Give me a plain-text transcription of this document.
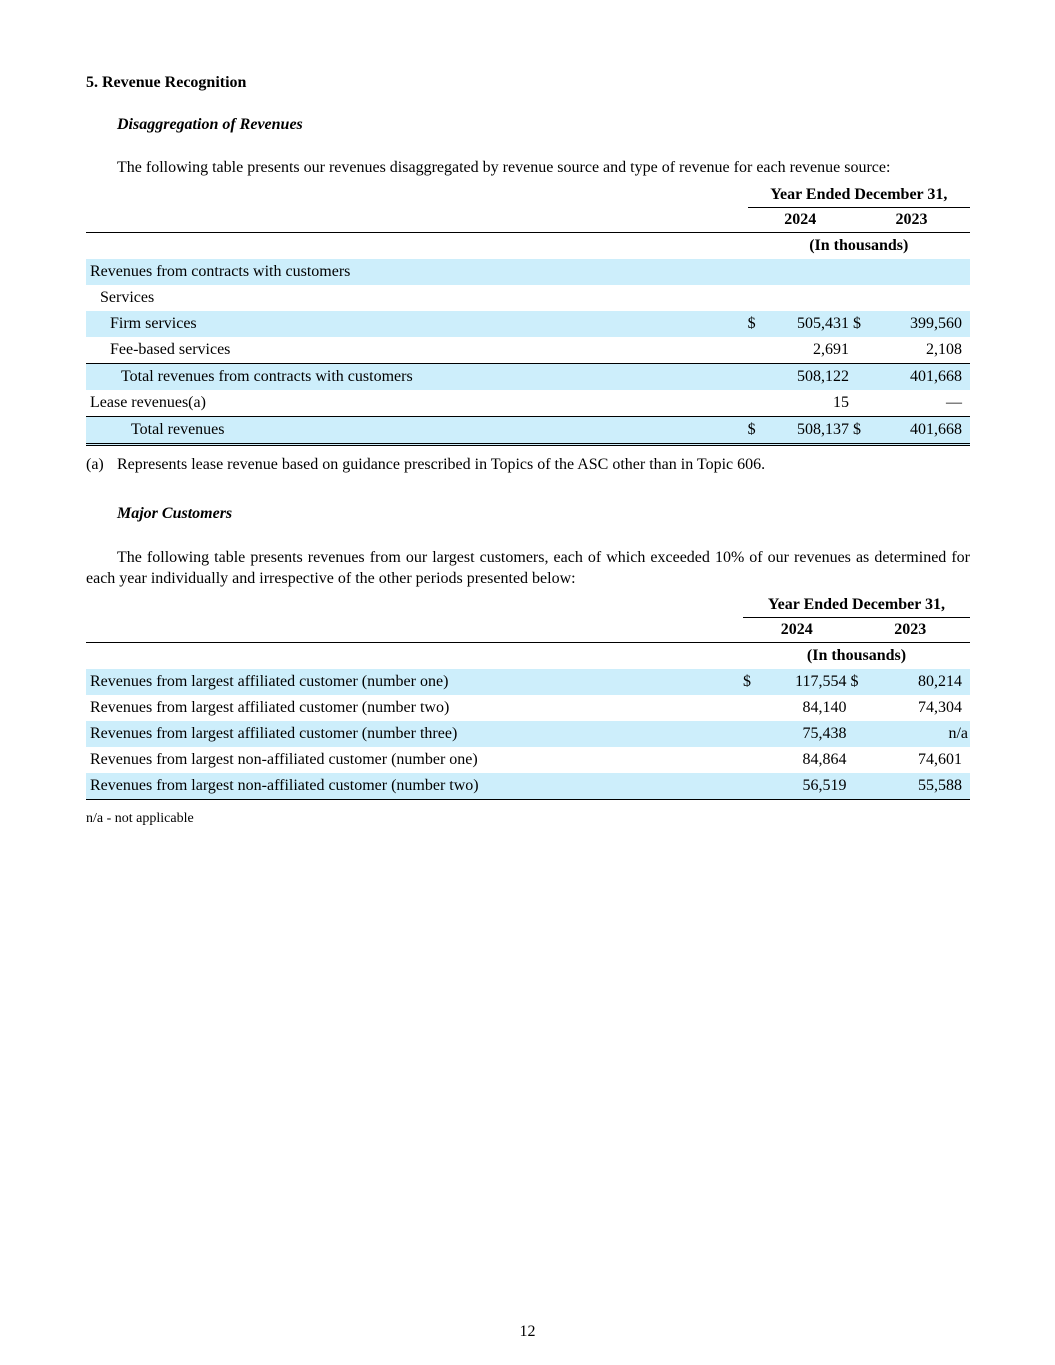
5. Revenue Recognition
Disaggregation of Revenues
The following table presents our revenues disaggregated by revenue source and type of revenue for each revenue source:
	Year Ended December 31,			
	2024		2023	
	(In thousands)			
Revenues from contracts with customers				
Services				
Firm services	$	505,431	$	399,560
Fee-based services		2,691		2,108
Total revenues from contracts with customers		508,122		401,668
Lease revenues(a)		15		—
Total revenues	$	508,137	$	401,668
(a) Represents lease revenue based on guidance prescribed in Topics of the ASC other than in Topic 606.
Major Customers
The following table presents revenues from our largest customers, each of which exceeded 10% of our revenues as determined for each year individually and irrespective of the other periods presented below:
	Year Ended December 31,			
	2024		2023	
	(In thousands)			
Revenues from largest affiliated customer (number one)	$	117,554	$	80,214
Revenues from largest affiliated customer (number two)		84,140		74,304
Revenues from largest affiliated customer (number three)		75,438		n/a
Revenues from largest non-affiliated customer (number one)		84,864		74,601
Revenues from largest non-affiliated customer (number two)		56,519		55,588
n/a - not applicable
12
